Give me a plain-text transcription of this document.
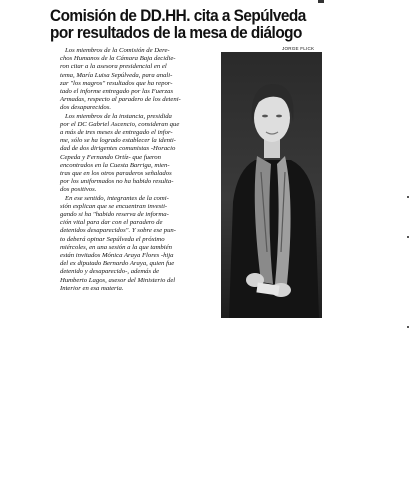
Comisión de DD.HH. cita a Sepúlveda
por resultados de la mesa de diálogo
JORGE FLICK

Los miembros de la Comisión de Dere-
chos Humanos de la Cámara Baja decidie-
ron citar a la asesora presidencial en el
tema, María Luisa Sepúlveda, para anali-
zar "los magros" resultados que ha repor-
tado el informe entregado por las Fuerzas
Armadas, respecto al paradero de los deteni-
dos desaparecidos.

Los miembros de la instancia, presidida
por el DC Gabriel Ascencio, consideran que
a más de tres meses de entregado el infor-
me, sólo se ha logrado establecer la identi-
dad de dos dirigentes comunistas -Horacio
Cepeda y Fernando Ortíz- que fueron
encontrados en la Cuesta Barriga, mien-
tras que en los otros paraderos señalados
por los uniformados no ha habido resulta-
dos positivos.

En ese sentido, integrantes de la comi-
sión explican que se encuentran investi-
gando si ha "habido reserva de informa-
ción vital para dar con el paradero de
detenidos desaparecidos". Y sobre ese pun-
to deberá opinar Sepúlveda el próximo
miércoles, en una sesión a la que también
están invitados Mónica Araya Flores -hija
del ex diputado Bernardo Araya, quien fue
detenido y desaparecido-, además de
Humberto Lagos, asesor del Ministerio del
Interior en esa materia.
